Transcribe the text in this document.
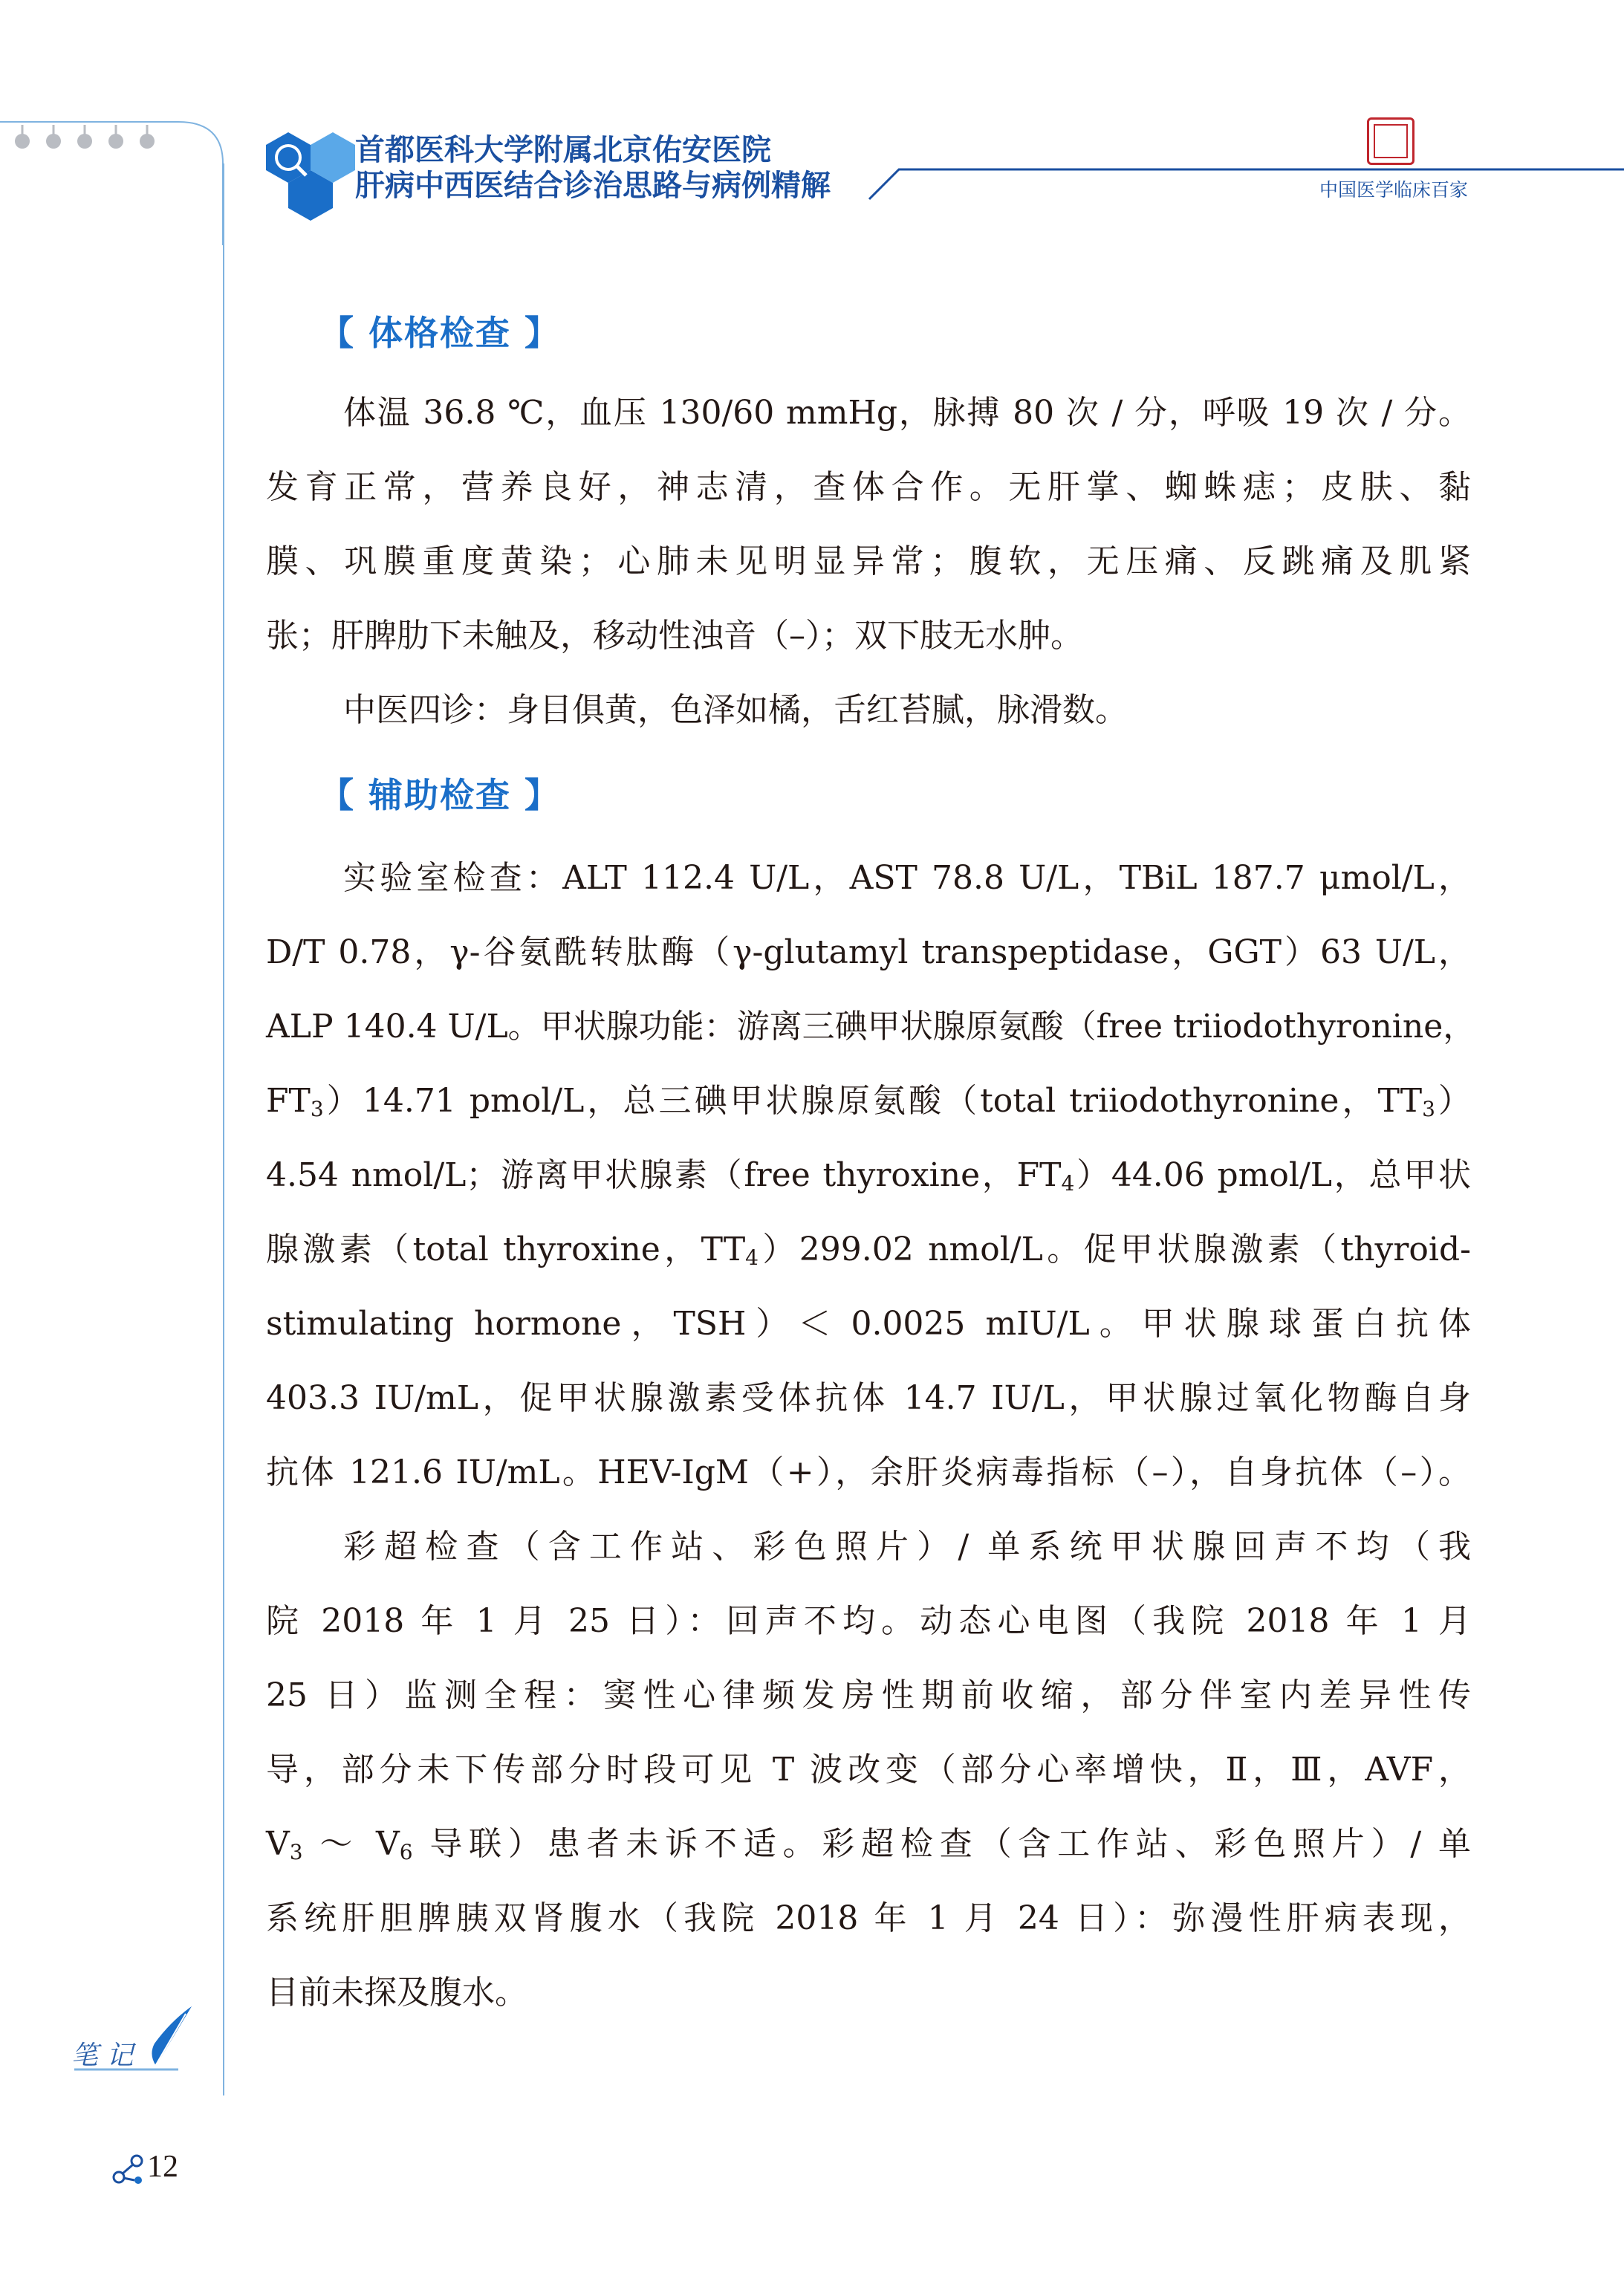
首都医科大学附属北京佑安医院
肝病中西医结合诊治思路与病例精解	中国医学临床百家
【 体格检查 】
体温 36.8 ℃，血压 130/60 mmHg，脉搏 80 次 / 分，呼吸 19 次 / 分。
发育正常，营养良好，神志清，查体合作。无肝掌、蜘蛛痣；皮肤、黏
膜、巩膜重度黄染；心肺未见明显异常；腹软，无压痛、反跳痛及肌紧
张；肝脾肋下未触及，移动性浊音（–）；双下肢无水肿。
中医四诊：身目俱黄，色泽如橘，舌红苔腻，脉滑数。
【 辅助检查 】
实验室检查：ALT 112.4 U/L，AST 78.8 U/L，TBiL 187.7 μmol/L，
D/T 0.78，γ-谷氨酰转肽酶（γ-glutamyl transpeptidase，GGT）63 U/L，
ALP 140.4 U/L。甲状腺功能：游离三碘甲状腺原氨酸（free triiodothyronine，
$FT_3)14.71$ pmol/L，总三碘甲状腺原氨酸（total triiodothyronine，$TT_3$）
4.54 nmol/L；游离甲状腺素（free thyroxine，$FT_4)44.06$ pmol/L，总甲状
腺激素（total thyroxine，$TT_4)299.02$ nmol/L。促甲状腺激素（thyroid-
stimulating hormone，TSH）＜ 0.0025 mIU/L。甲状腺球蛋白抗体
403.3 IU/mL，促甲状腺激素受体抗体 14.7 IU/L，甲状腺过氧化物酶自身
抗体 121.6 IU/mL。HEV-IgM（+），余肝炎病毒指标（–），自身抗体（–）。
彩超检查（含工作站、彩色照片）/ 单系统甲状腺回声不均（我
院 2018 年 1 月 25 日）：回声不均。动态心电图（我院 2018 年 1 月
25 日）监测全程：窦性心律频发房性期前收缩，部分伴室内差异性传
导，部分未下传部分时段可见 T 波改变（部分心率增快，Ⅱ，Ⅲ，AVF，
$V_3$ ～ $V_6$ 导联）患者未诉不适。彩超检查（含工作站、彩色照片）/ 单
系统肝胆脾胰双肾腹水（我院 2018 年 1 月 24 日）：弥漫性肝病表现，
目前未探及腹水。
笔 记
12
